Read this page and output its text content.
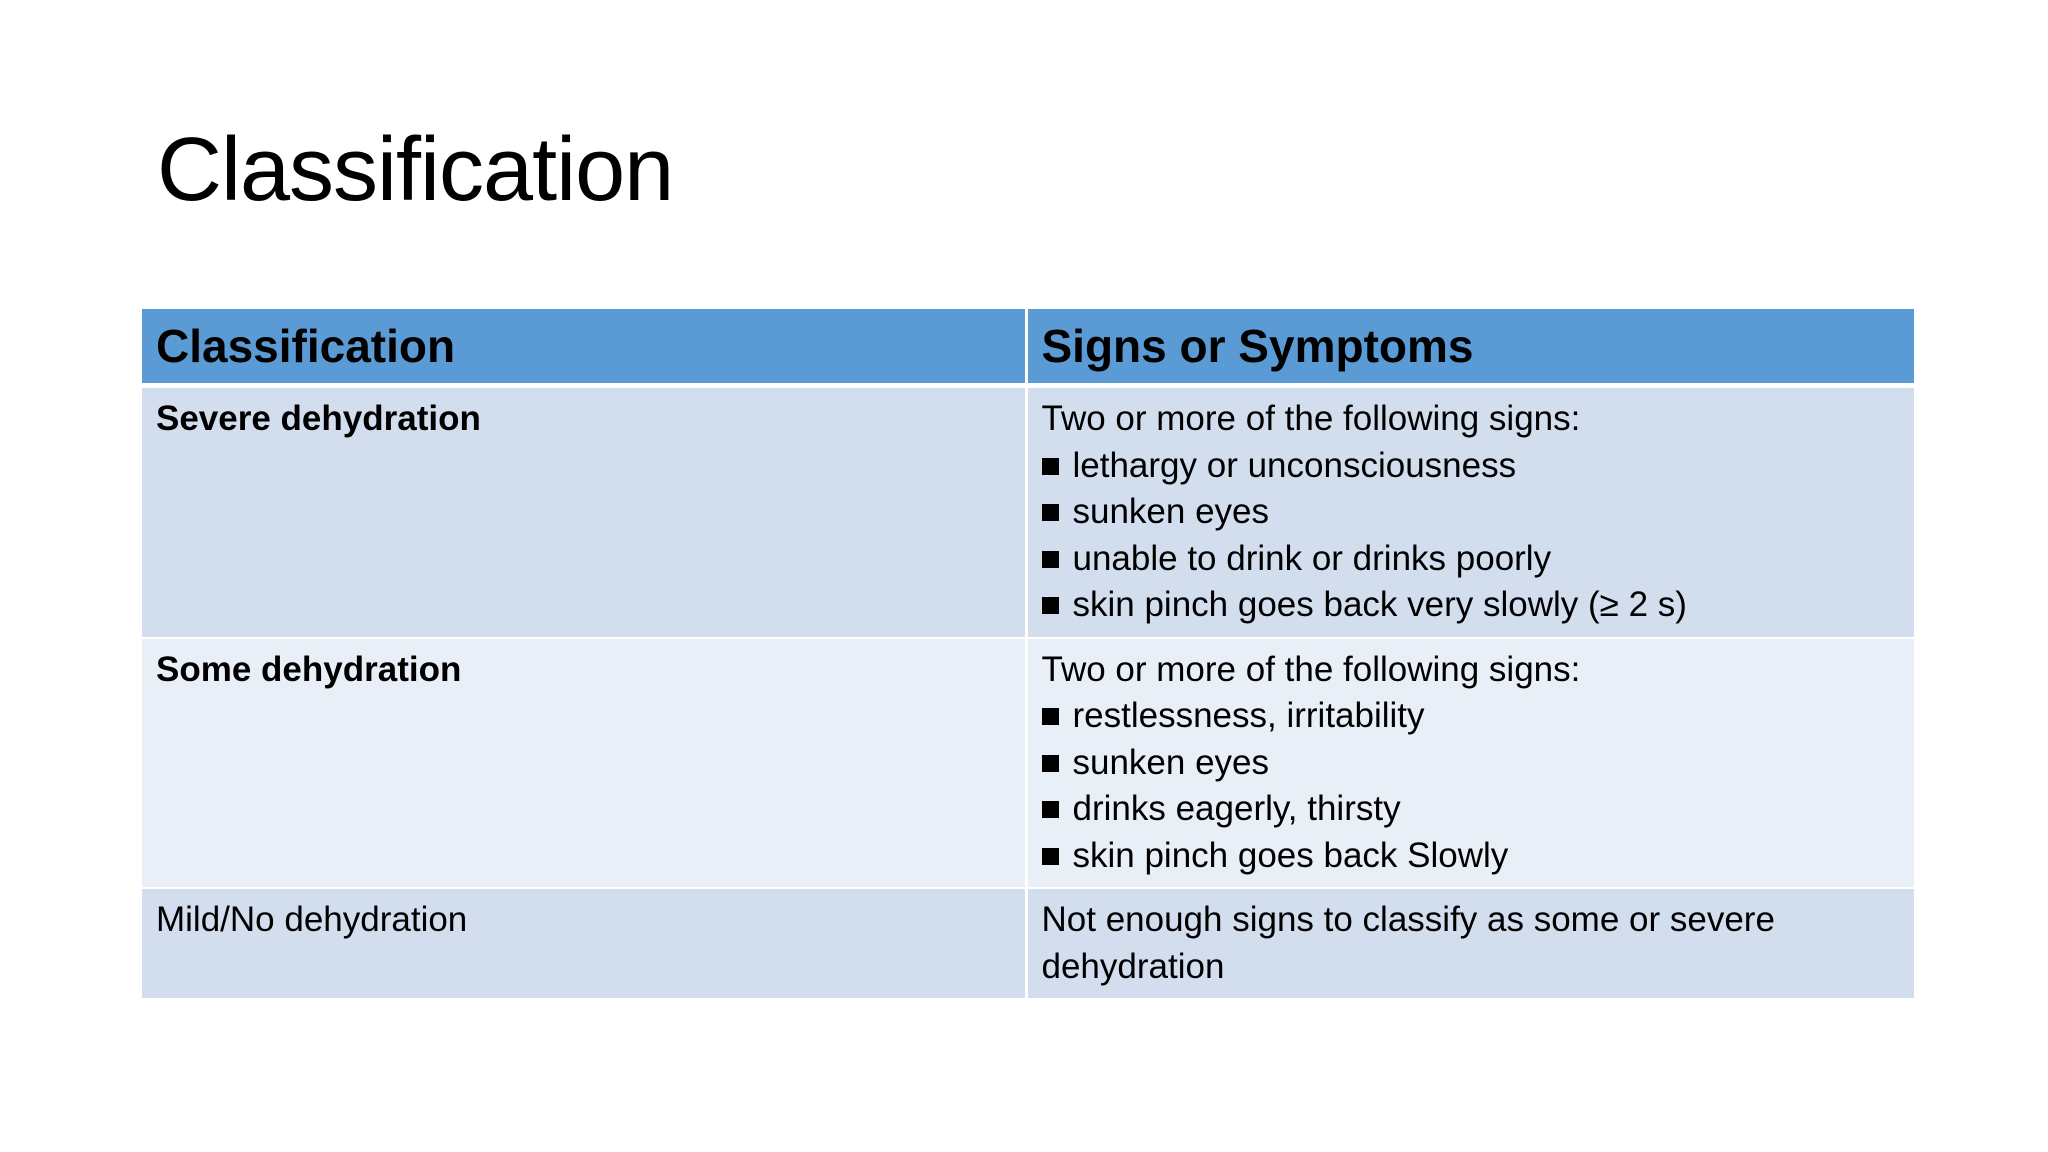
Classification
Classification	Signs or Symptoms
Severe dehydration	Two or more of the following signs:
lethargy or unconsciousness
sunken eyes
unable to drink or drinks poorly
skin pinch goes back very slowly (≥ 2 s)

Some dehydration	Two or more of the following signs:
restlessness, irritability
sunken eyes
drinks eagerly, thirsty
skin pinch goes back Slowly

Mild/No dehydration	Not enough signs to classify as some or severe dehydration
